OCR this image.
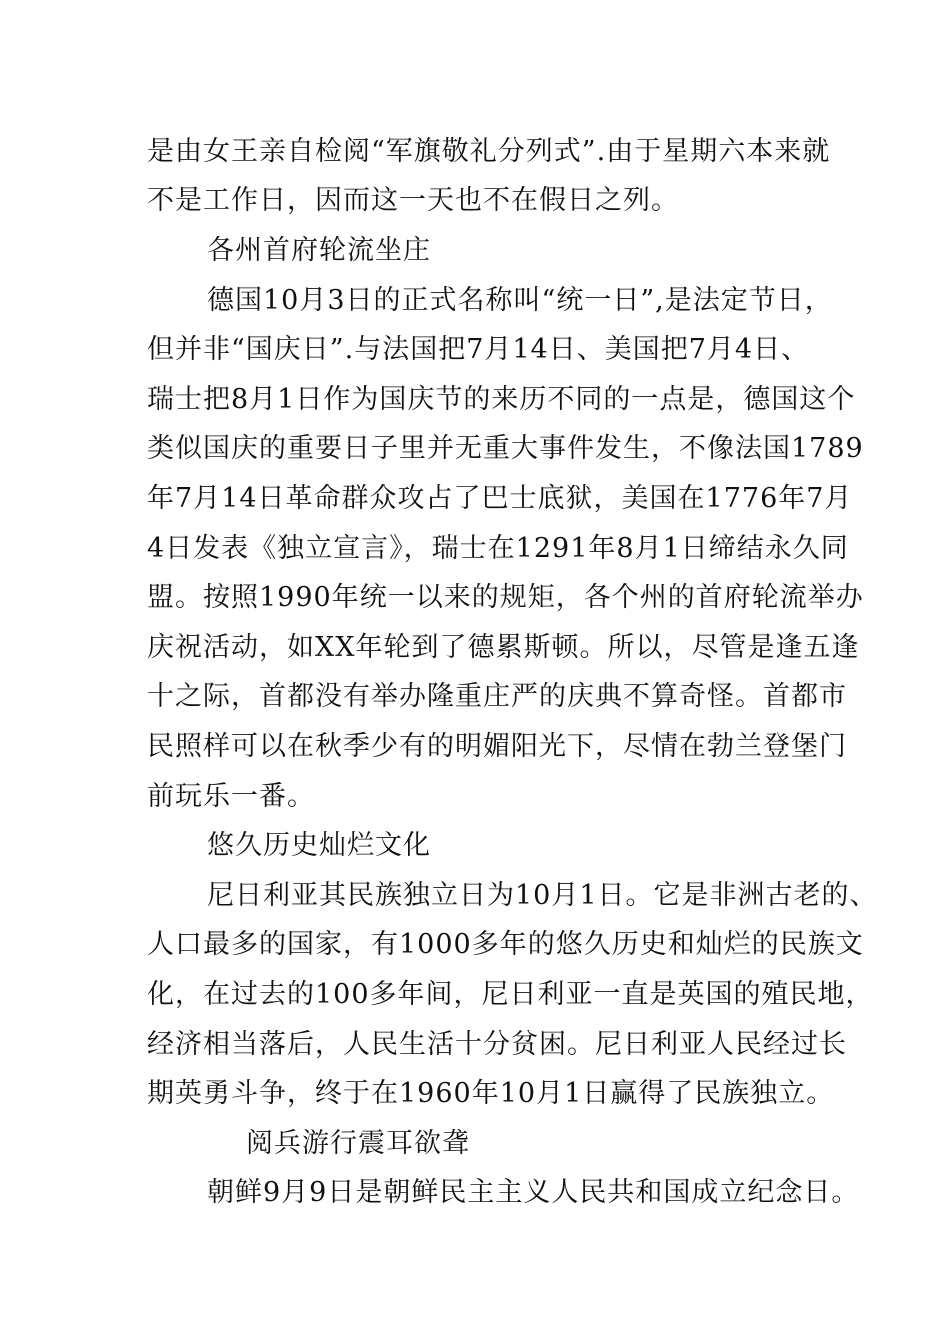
是由女王亲自检阅“军旗敬礼分列式”.由于星期六本来就
不是工作日，因而这一天也不在假日之列。
各州首府轮流坐庄
德国10月3日的正式名称叫“统一日”,是法定节日，
但并非“国庆日”.与法国把7月14日、美国把7月4日、
瑞士把8月1日作为国庆节的来历不同的一点是，德国这个
类似国庆的重要日子里并无重大事件发生，不像法国1789
年7月14日革命群众攻占了巴士底狱，美国在1776年7月
4日发表《独立宣言》，瑞士在1291年8月1日缔结永久同
盟。按照1990年统一以来的规矩，各个州的首府轮流举办
庆祝活动，如XX年轮到了德累斯顿。所以，尽管是逢五逢
十之际，首都没有举办隆重庄严的庆典不算奇怪。首都市
民照样可以在秋季少有的明媚阳光下，尽情在勃兰登堡门
前玩乐一番。
悠久历史灿烂文化
尼日利亚其民族独立日为10月1日。它是非洲古老的、
人口最多的国家，有1000多年的悠久历史和灿烂的民族文
化，在过去的100多年间，尼日利亚一直是英国的殖民地，
经济相当落后，人民生活十分贫困。尼日利亚人民经过长
期英勇斗争，终于在1960年10月1日赢得了民族独立。
阅兵游行震耳欲聋
朝鲜9月9日是朝鲜民主主义人民共和国成立纪念日。
